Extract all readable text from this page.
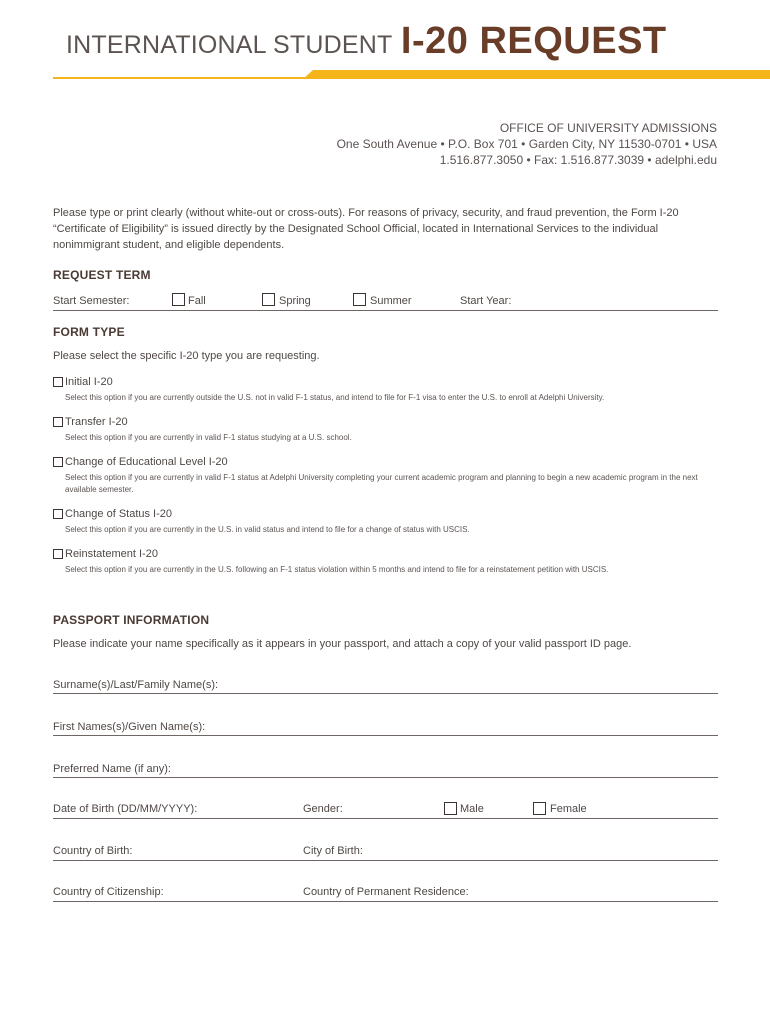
INTERNATIONAL STUDENT I-20 REQUEST
OFFICE OF UNIVERSITY ADMISSIONS
One South Avenue • P.O. Box 701 • Garden City, NY 11530-0701 • USA
1.516.877.3050 • Fax: 1.516.877.3039 • adelphi.edu
Please type or print clearly (without white-out or cross-outs). For reasons of privacy, security, and fraud prevention, the Form I-20 “Certificate of Eligibility” is issued directly by the Designated School Official, located in International Services to the individual nonimmigrant student, and eligible dependents.
REQUEST TERM
Start Semester:	Fall	Spring	Summer	Start Year:
FORM TYPE
Please select the specific I-20 type you are requesting.
Initial I-20
Select this option if you are currently outside the U.S. not in valid F-1 status, and intend to file for F-1 visa to enter the U.S. to enroll at Adelphi University.
Transfer I-20
Select this option if you are currently in valid F-1 status studying at a U.S. school.
Change of Educational Level I-20
Select this option if you are currently in valid F-1 status at Adelphi University completing your current academic program and planning to begin a new academic program in the next available semester.
Change of Status I-20
Select this option if you are currently in the U.S. in valid status and intend to file for a change of status with USCIS.
Reinstatement I-20
Select this option if you are currently in the U.S. following an F-1 status violation within 5 months and intend to file for a reinstatement petition with USCIS.
PASSPORT INFORMATION
Please indicate your name specifically as it appears in your passport, and attach a copy of your valid passport ID page.
Surname(s)/Last/Family Name(s):
First Names(s)/Given Name(s):
Preferred Name (if any):
Date of Birth (DD/MM/YYYY):	Gender:	Male	Female
Country of Birth:	City of Birth:
Country of Citizenship:	Country of Permanent Residence:
